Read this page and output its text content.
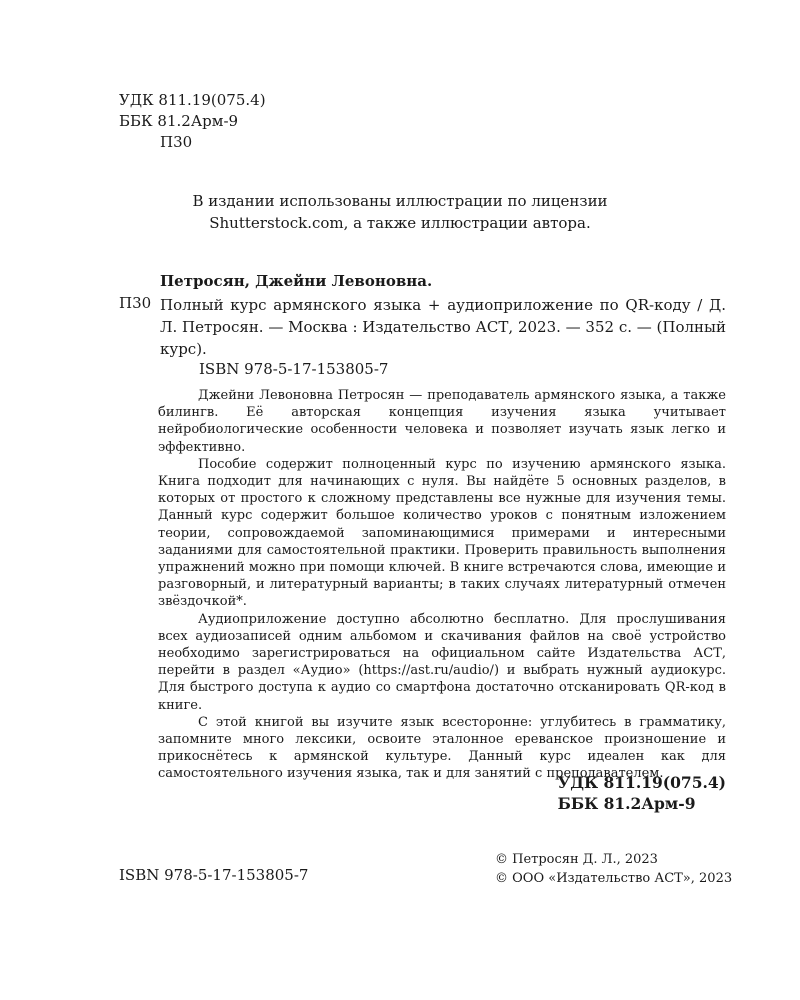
УДК 811.19(075.4)
ББК 81.2Арм-9
П30
В издании использованы иллюстрации по лицензии
Shutterstock.com, а также иллюстрации автора.
Петросян, Джейни Левоновна.
П30 Полный курс армянского языка + аудиоприложение по QR-коду / Д. Л. Петросян. — Москва : Издательство АСТ, 2023. — 352 с. — (Полный курс).
ISBN 978-5-17-153805-7

Джейни Левоновна Петросян — преподаватель армянского языка, а также билингв. Её авторская концепция изучения языка учитывает нейробиологические особенности человека и позволяет изучать язык легко и эффективно.

Пособие содержит полноценный курс по изучению армянского языка. Книга подходит для начинающих с нуля. Вы найдёте 5 основных разделов, в которых от простого к сложному представлены все нужные для изучения темы. Данный курс содержит большое количество уроков с понятным изложением теории, сопровождаемой запоминающимися примерами и интересными заданиями для самостоятельной практики. Проверить правильность выполнения упражнений можно при помощи ключей. В книге встречаются слова, имеющие и разговорный, и литературный варианты; в таких случаях литературный отмечен звёздочкой*.

Аудиоприложение доступно абсолютно бесплатно. Для прослушивания всех аудиозаписей одним альбомом и скачивания файлов на своё устройство необходимо зарегистрироваться на официальном сайте Издательства АСТ, перейти в раздел «Аудио» (https://ast.ru/audio/) и выбрать нужный аудиокурс. Для быстрого доступа к аудио со смартфона достаточно отсканировать QR-код в книге.

С этой книгой вы изучите язык всесторонне: углубитесь в грамматику, запомните много лексики, освоите эталонное ереванское произношение и прикоснётесь к армянской культуре. Данный курс идеален как для самостоятельного изучения языка, так и для занятий с преподавателем.

УДК 811.19(075.4)
ББК 81.2Арм-9
ISBN 978-5-17-153805-7
© Петросян Д. Л., 2023
© ООО «Издательство АСТ», 2023
